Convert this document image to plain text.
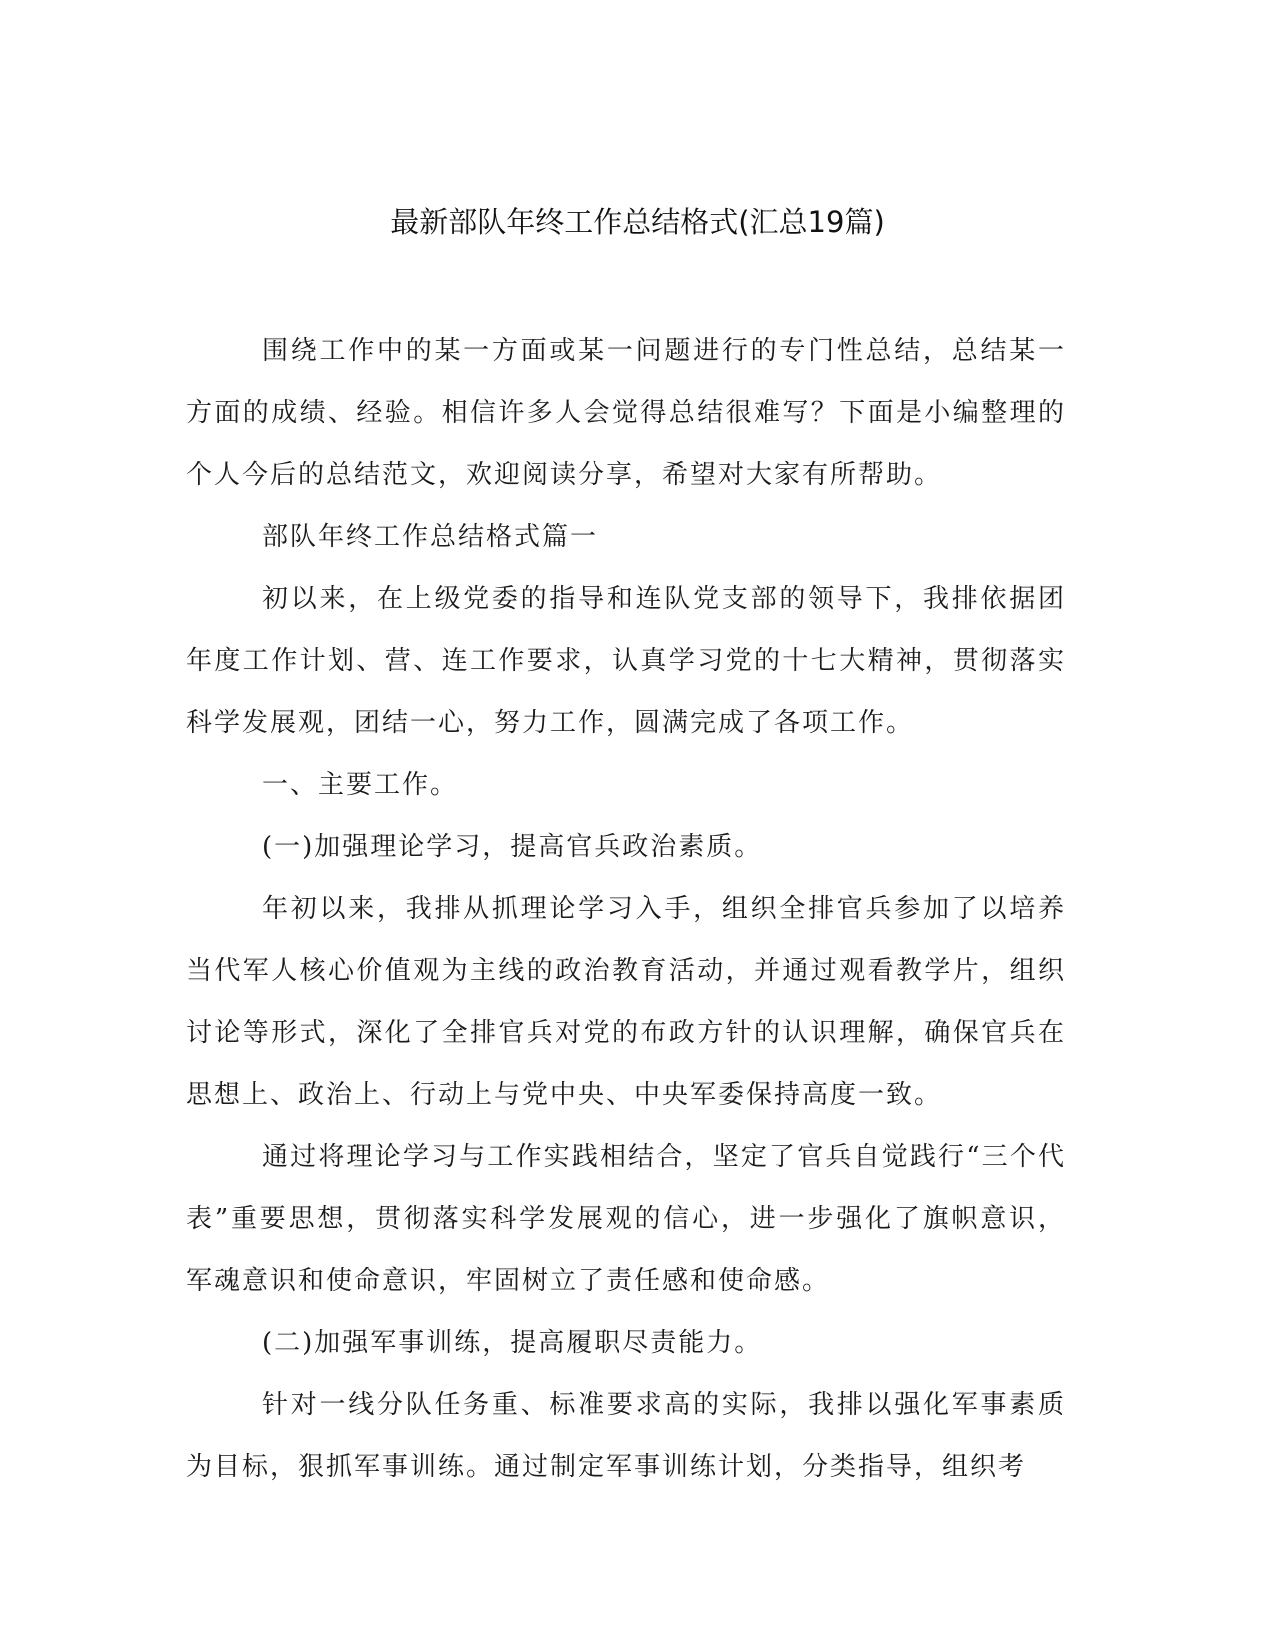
最新部队年终工作总结格式(汇总19篇)

围绕工作中的某一方面或某一问题进行的专门性总结，总结某一方面的成绩、经验。相信许多人会觉得总结很难写？下面是小编整理的个人今后的总结范文，欢迎阅读分享，希望对大家有所帮助。

部队年终工作总结格式篇一

初以来，在上级党委的指导和连队党支部的领导下，我排依据团年度工作计划、营、连工作要求，认真学习党的十七大精神，贯彻落实科学发展观，团结一心，努力工作，圆满完成了各项工作。

一、主要工作。

(一)加强理论学习，提高官兵政治素质。

年初以来，我排从抓理论学习入手，组织全排官兵参加了以培养当代军人核心价值观为主线的政治教育活动，并通过观看教学片，组织讨论等形式，深化了全排官兵对党的布政方针的认识理解，确保官兵在思想上、政治上、行动上与党中央、中央军委保持高度一致。

通过将理论学习与工作实践相结合，坚定了官兵自觉践行“三个代表”重要思想，贯彻落实科学发展观的信心，进一步强化了旗帜意识，军魂意识和使命意识，牢固树立了责任感和使命感。

(二)加强军事训练，提高履职尽责能力。

针对一线分队任务重、标准要求高的实际，我排以强化军事素质为目标，狠抓军事训练。通过制定军事训练计划，分类指导，组织考
